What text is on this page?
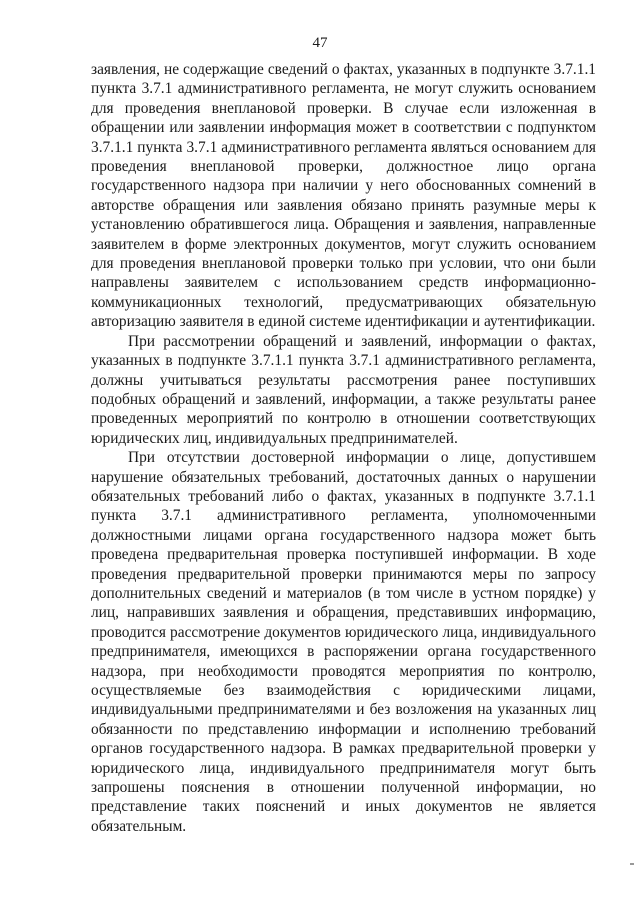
47

заявления, не содержащие сведений о фактах, указанных в подпункте 3.7.1.1 пункта 3.7.1 административного регламента, не могут служить основанием для проведения внеплановой проверки. В случае если изложенная в обращении или заявлении информация может в соответствии с подпунктом 3.7.1.1 пункта 3.7.1 административного регламента являться основанием для проведения внеплановой проверки, должностное лицо органа государственного надзора при наличии у него обоснованных сомнений в авторстве обращения или заявления обязано принять разумные меры к установлению обратившегося лица. Обращения и заявления, направленные заявителем в форме электронных документов, могут служить основанием для проведения внеплановой проверки только при условии, что они были направлены заявителем с использованием средств информационно-коммуникационных технологий, предусматривающих обязательную авторизацию заявителя в единой системе идентификации и аутентификации.

При рассмотрении обращений и заявлений, информации о фактах, указанных в подпункте 3.7.1.1 пункта 3.7.1 административного регламента, должны учитываться результаты рассмотрения ранее поступивших подобных обращений и заявлений, информации, а также результаты ранее проведенных мероприятий по контролю в отношении соответствующих юридических лиц, индивидуальных предпринимателей.

При отсутствии достоверной информации о лице, допустившем нарушение обязательных требований, достаточных данных о нарушении обязательных требований либо о фактах, указанных в подпункте 3.7.1.1 пункта 3.7.1 административного регламента, уполномоченными должностными лицами органа государственного надзора может быть проведена предварительная проверка поступившей информации. В ходе проведения предварительной проверки принимаются меры по запросу дополнительных сведений и материалов (в том числе в устном порядке) у лиц, направивших заявления и обращения, представивших информацию, проводится рассмотрение документов юридического лица, индивидуального предпринимателя, имеющихся в распоряжении органа государственного надзора, при необходимости проводятся мероприятия по контролю, осуществляемые без взаимодействия с юридическими лицами, индивидуальными предпринимателями и без возложения на указанных лиц обязанности по представлению информации и исполнению требований органов государственного надзора. В рамках предварительной проверки у юридического лица, индивидуального предпринимателя могут быть запрошены пояснения в отношении полученной информации, но представление таких пояснений и иных документов не является обязательным.
